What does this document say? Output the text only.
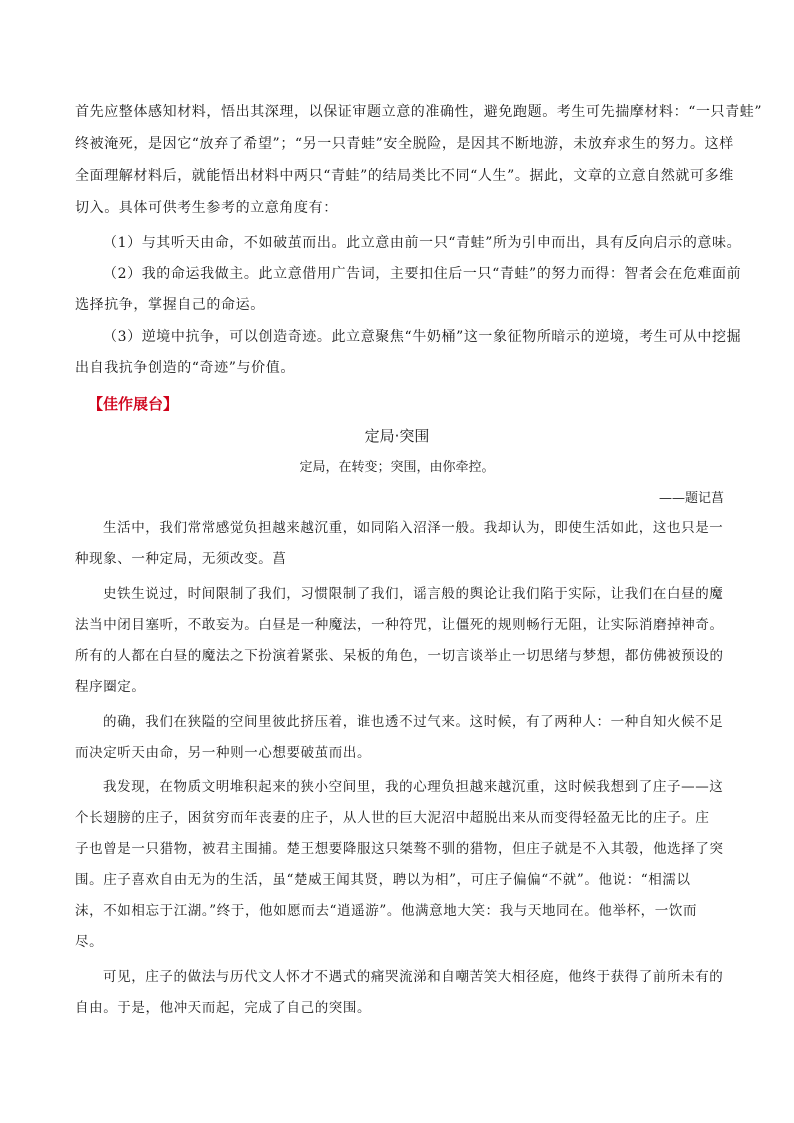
首先应整体感知材料，悟出其深理，以保证审题立意的准确性，避免跑题。考生可先揣摩材料：“一只青蛙”
终被淹死，是因它“放弃了希望”；“另一只青蛙”安全脱险，是因其不断地游，未放弃求生的努力。这样
全面理解材料后，就能悟出材料中两只“青蛙”的结局类比不同“人生”。据此，文章的立意自然就可多维
切入。具体可供考生参考的立意角度有：
（1）与其听天由命，不如破茧而出。此立意由前一只“青蛙”所为引申而出，具有反向启示的意味。
（2）我的命运我做主。此立意借用广告词，主要扣住后一只“青蛙”的努力而得：智者会在危难面前
选择抗争，掌握自己的命运。
（3）逆境中抗争，可以创造奇迹。此立意聚焦“牛奶桶”这一象征物所暗示的逆境，考生可从中挖掘
出自我抗争创造的“奇迹”与价值。
【佳作展台】
定局·突围
定局，在转变；突围，由你牵控。
——题记菖
生活中，我们常常感觉负担越来越沉重，如同陷入沼泽一般。我却认为，即使生活如此，这也只是一
种现象、一种定局，无须改变。菖
史铁生说过，时间限制了我们，习惯限制了我们，谣言般的舆论让我们陷于实际，让我们在白昼的魔
法当中闭目塞听，不敢妄为。白昼是一种魔法，一种符咒，让僵死的规则畅行无阻，让实际消磨掉神奇。
所有的人都在白昼的魔法之下扮演着紧张、呆板的角色，一切言谈举止一切思绪与梦想，都仿佛被预设的
程序圈定。
的确，我们在狭隘的空间里彼此挤压着，谁也透不过气来。这时候，有了两种人：一种自知火候不足
而决定听天由命，另一种则一心想要破茧而出。
我发现，在物质文明堆积起来的狭小空间里，我的心理负担越来越沉重，这时候我想到了庄子——这
个长翅膀的庄子，困贫穷而年丧妻的庄子，从人世的巨大泥沼中超脱出来从而变得轻盈无比的庄子。庄
子也曾是一只猎物，被君主围捕。楚王想要降服这只桀骜不驯的猎物，但庄子就是不入其彀，他选择了突
围。庄子喜欢自由无为的生活，虽“楚威王闻其贤，聘以为相”，可庄子偏偏“不就”。他说：“相濡以
沫，不如相忘于江湖。”终于，他如愿而去“逍遥游”。他满意地大笑：我与天地同在。他举杯，一饮而
尽。
可见，庄子的做法与历代文人怀才不遇式的痛哭流涕和自嘲苦笑大相径庭，他终于获得了前所未有的
自由。于是，他冲天而起，完成了自己的突围。
